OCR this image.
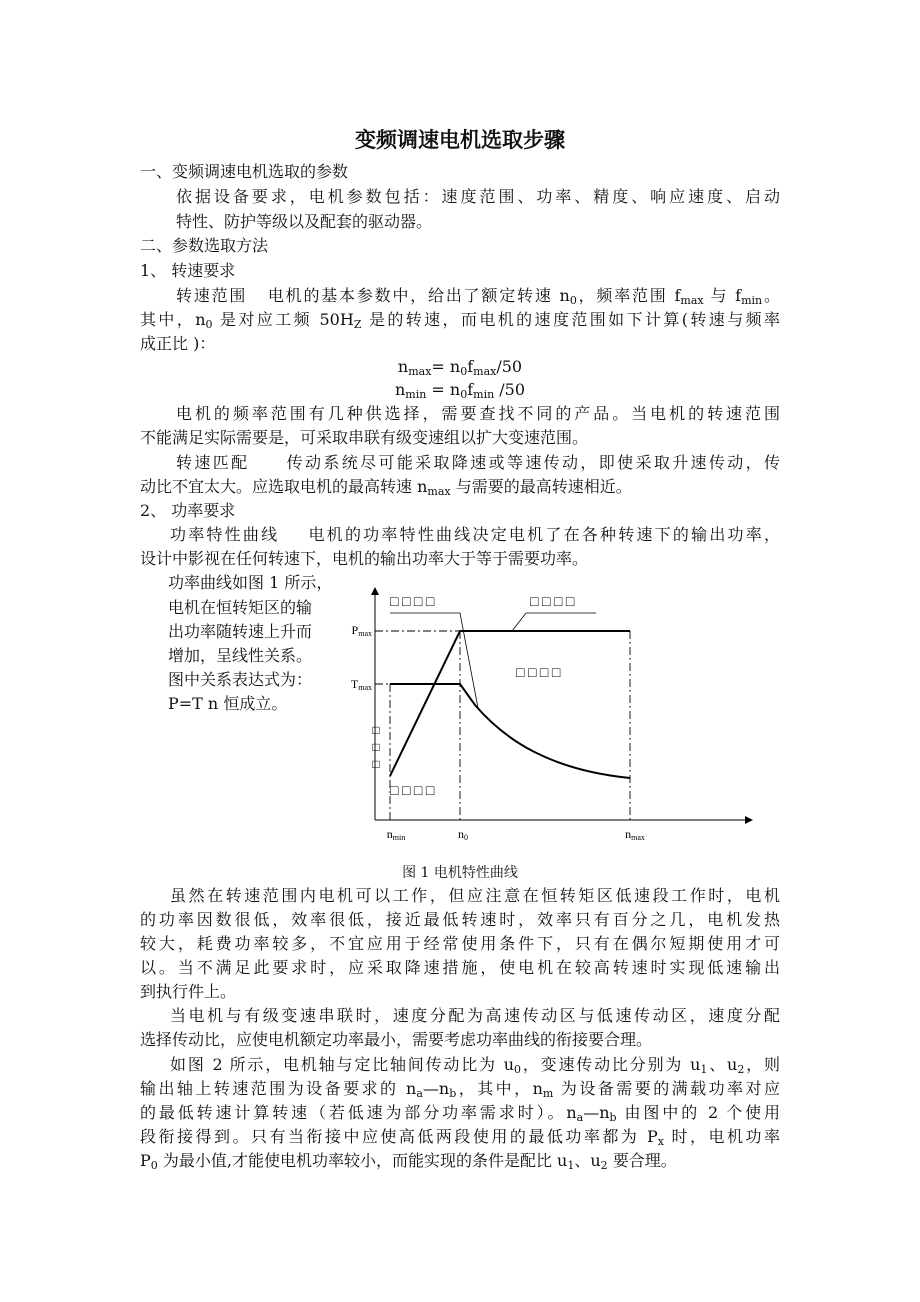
变频调速电机选取步骤
一、变频调速电机选取的参数
依据设备要求，电机参数包括：速度范围、功率、精度、响应速度、启动
特性、防护等级以及配套的驱动器。
二、参数选取方法
1、 转速要求
转速范围 电机的基本参数中，给出了额定转速 $n_0$，频率范围 $f_{max}$ 与 $f_{min}$。
其中，$n_0$ 是对应工频 $50H_Z$ 是的转速，而电机的速度范围如下计算(转速与频率
成正比 )：
$n_{max}= n_0f_{max}/50$
$n_{min} = n_0f_{min}$ /50
电机的频率范围有几种供选择，需要查找不同的产品。当电机的转速范围
不能满足实际需要是，可采取串联有级变速组以扩大变速范围。
转速匹配 传动系统尽可能采取降速或等速传动，即使采取升速传动，传
动比不宜太大。应选取电机的最高转速 $n_{max}$ 与需要的最高转速相近。
2、 功率要求
功率特性曲线 电机的功率特性曲线决定电机了在各种转速下的输出功率，
设计中影视在任何转速下，电机的输出功率大于等于需要功率。
功率曲线如图 1 所示，
电机在恒转矩区的输
出功率随转速上升而
增加，呈线性关系。
图中关系表达式为：
P=T n 恒成立。
Pmax
Tmax
nmin	n0	nmax
□ □ □ □	□ □ □ □
□ □ □ □
□ □ □ □
□ □ □
图 1 电机特性曲线
虽然在转速范围内电机可以工作，但应注意在恒转矩区低速段工作时，电机
的功率因数很低，效率很低，接近最低转速时，效率只有百分之几，电机发热
较大，耗费功率较多，不宜应用于经常使用条件下，只有在偶尔短期使用才可
以。当不满足此要求时，应采取降速措施，使电机在较高转速时实现低速输出
到执行件上。
当电机与有级变速串联时，速度分配为高速传动区与低速传动区，速度分配
选择传动比，应使电机额定功率最小，需要考虑功率曲线的衔接要合理。
如图 2 所示，电机轴与定比轴间传动比为 $u_0$，变速传动比分别为 $u_1$、$u_2$，则
输出轴上转速范围为设备要求的 $n_a—n_b$，其中，$n_m$ 为设备需要的满载功率对应
的最低转速计算转速（若低速为部分功率需求时）。$n_a—n_b$ 由图中的 2 个使用
段衔接得到。只有当衔接中应使高低两段使用的最低功率都为 $P_x$ 时，电机功率
$P_0$ 为最小值,才能使电机功率较小，而能实现的条件是配比 $u_1$、$u_2$ 要合理。
